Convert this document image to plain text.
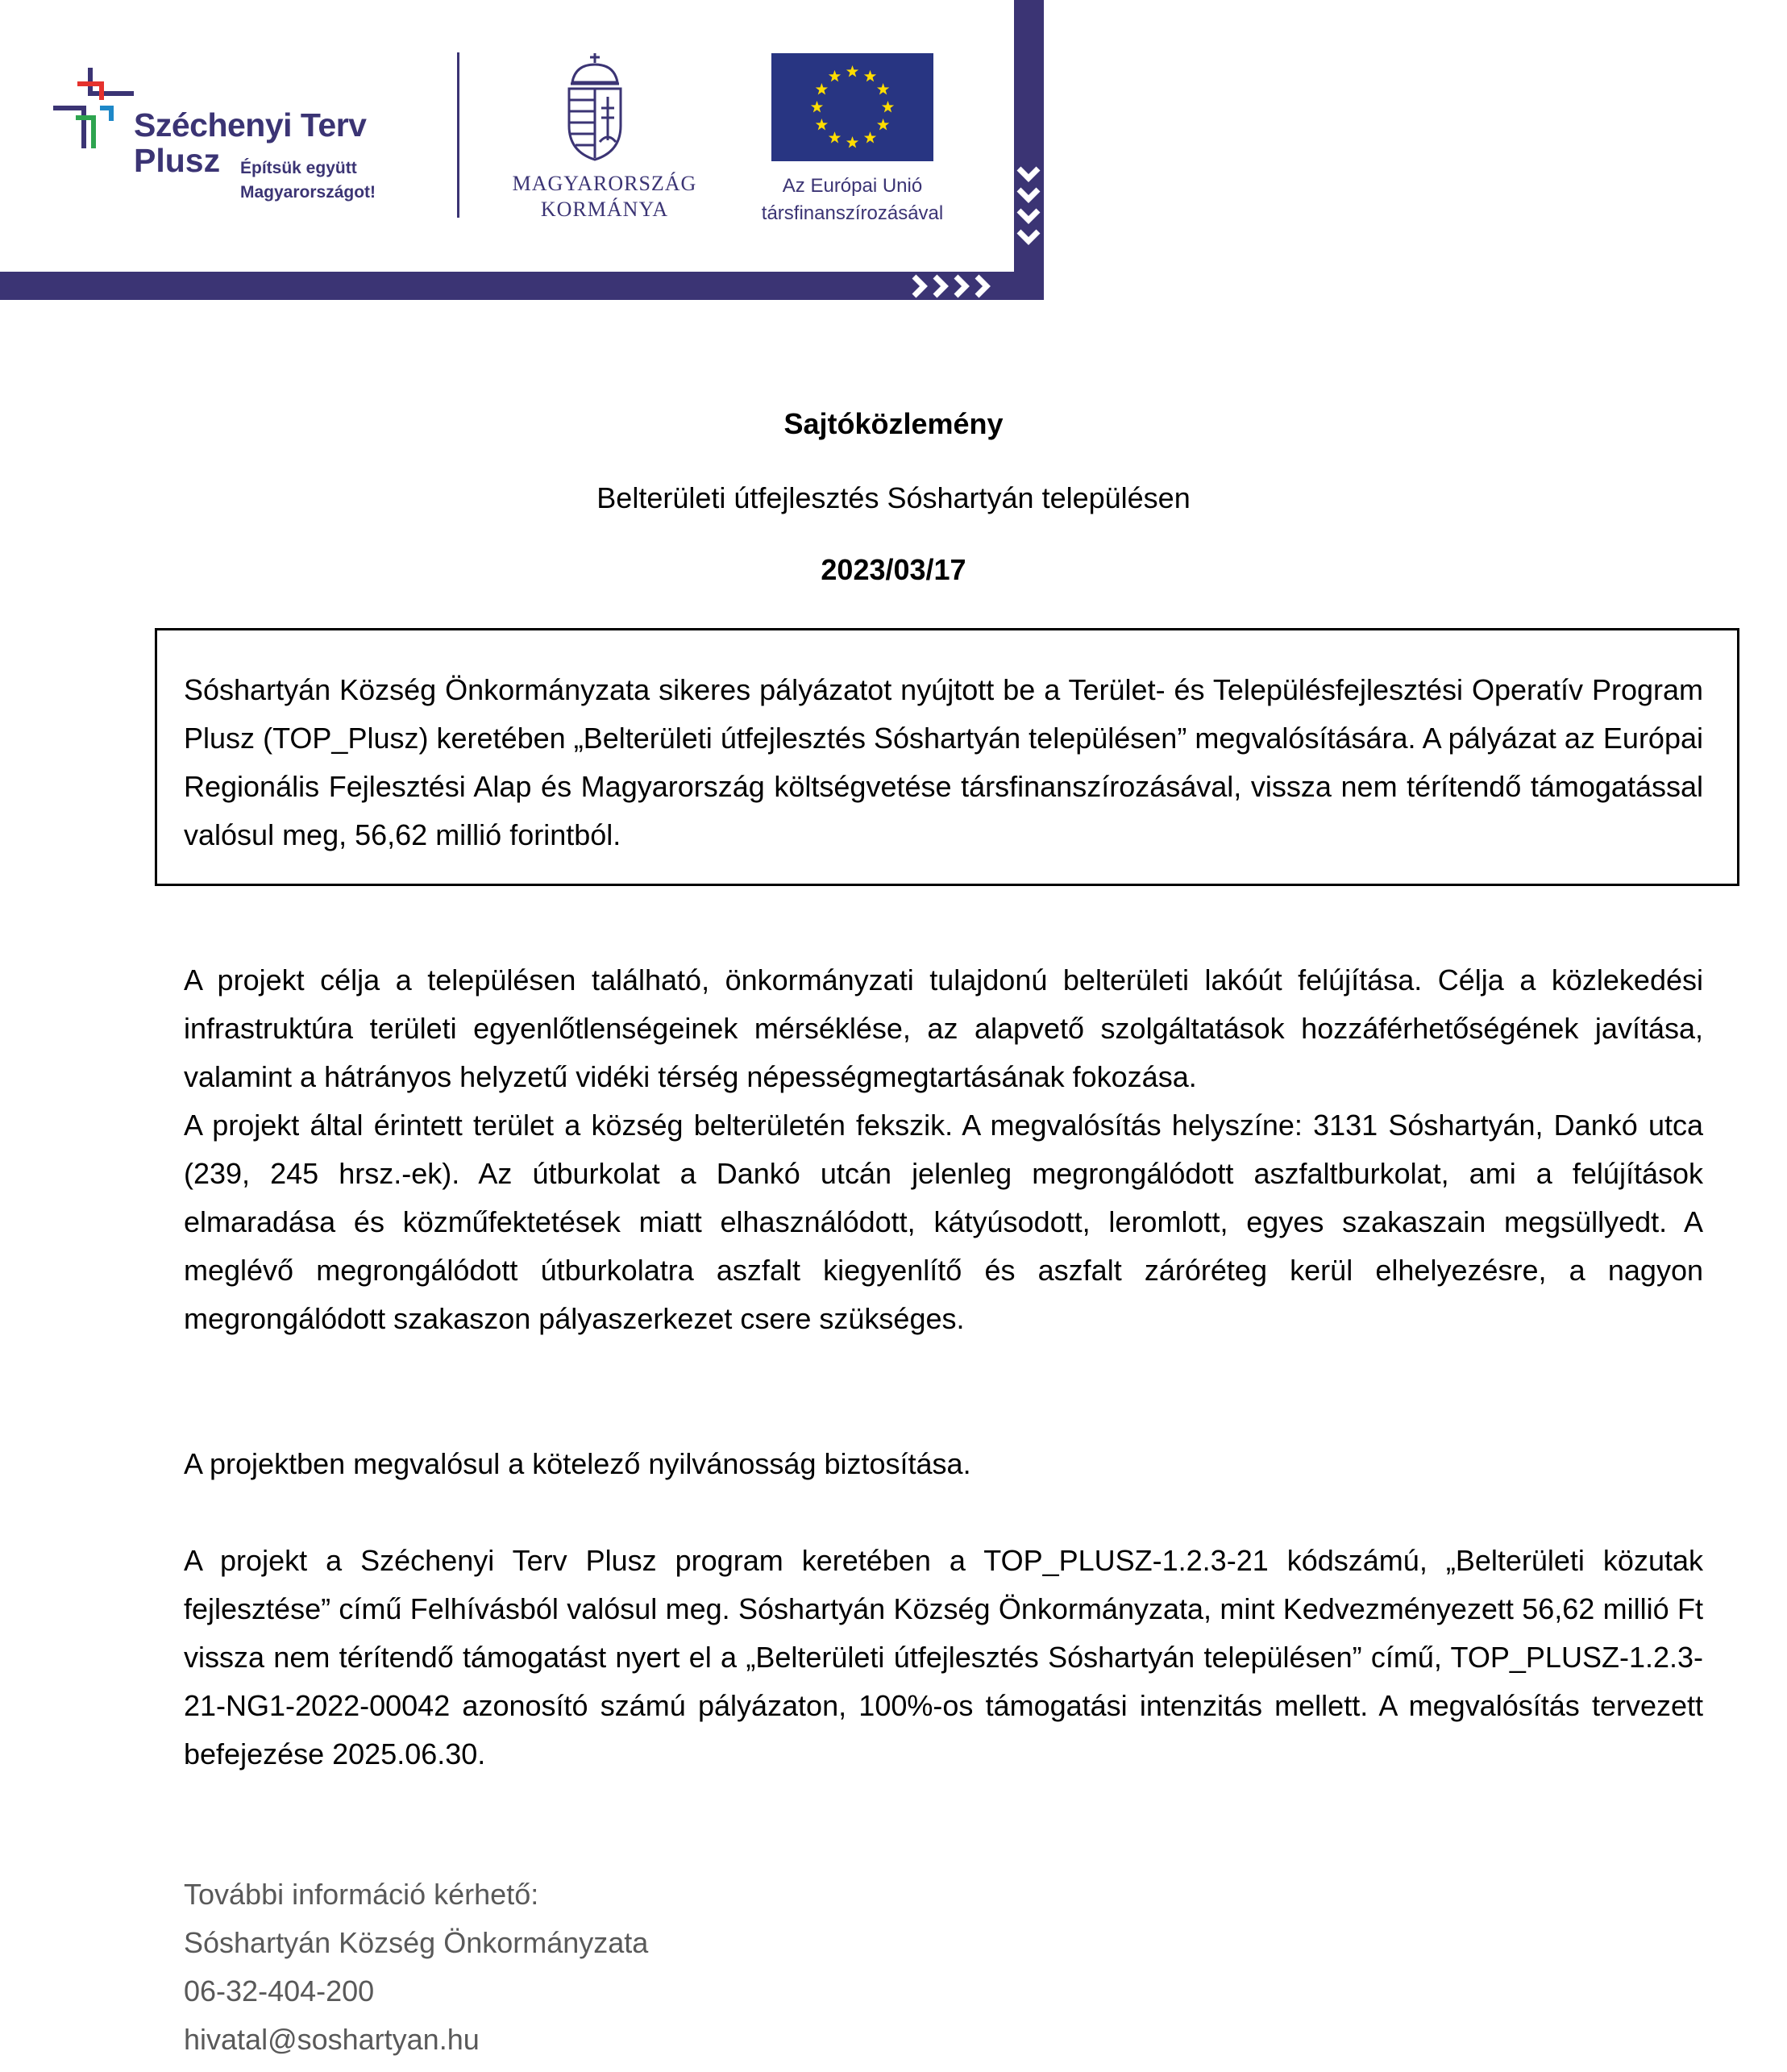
Széchenyi Terv
Plusz Építsük együtt
Magyarországot!	MAGYARORSZÁG
KORMÁNYA
Az Európai Unió
társfinanszírozásával
Sajtóközlemény
Belterületi útfejlesztés Sóshartyán településen
2023/03/17

Sóshartyán Község Önkormányzata sikeres pályázatot nyújtott be a Terület- és Településfejlesztési Operatív Program Plusz (TOP_Plusz) keretében „Belterületi útfejlesztés Sóshartyán településen” megvalósítására. A pályázat az Európai Regionális Fejlesztési Alap és Magyarország költségvetése társfinanszírozásával, vissza nem térítendő támogatással valósul meg, 56,62 millió forintból.

A projekt célja a településen található, önkormányzati tulajdonú belterületi lakóút felújítása. Célja a közlekedési infrastruktúra területi egyenlőtlenségeinek mérséklése, az alapvető szolgáltatások hozzáférhetőségének javítása, valamint a hátrányos helyzetű vidéki térség népességmegtartásának fokozása.

A projekt által érintett terület a község belterületén fekszik. A megvalósítás helyszíne: 3131 Sóshartyán, Dankó utca (239, 245 hrsz.-ek). Az útburkolat a Dankó utcán jelenleg megrongálódott aszfaltburkolat, ami a felújítások elmaradása és közműfektetések miatt elhasználódott, kátyúsodott, leromlott, egyes szakaszain megsüllyedt. A meglévő megrongálódott útburkolatra aszfalt kiegyenlítő és aszfalt záróréteg kerül elhelyezésre, a nagyon megrongálódott szakaszon pályaszerkezet csere szükséges.

A projektben megvalósul a kötelező nyilvánosság biztosítása.

A projekt a Széchenyi Terv Plusz program keretében a TOP_PLUSZ-1.2.3-21 kódszámú, „Belterületi közutak fejlesztése” című Felhívásból valósul meg. Sóshartyán Község Önkormányzata, mint Kedvezményezett 56,62 millió Ft vissza nem térítendő támogatást nyert el a „Belterületi útfejlesztés Sóshartyán településen” című, TOP_PLUSZ-1.2.3-21-NG1-2022-00042 azonosító számú pályázaton, 100%-os támogatási intenzitás mellett. A megvalósítás tervezett befejezése 2025.06.30.

További információ kérhető:
Sóshartyán Község Önkormányzata
06-32-404-200
hivatal@soshartyan.hu
